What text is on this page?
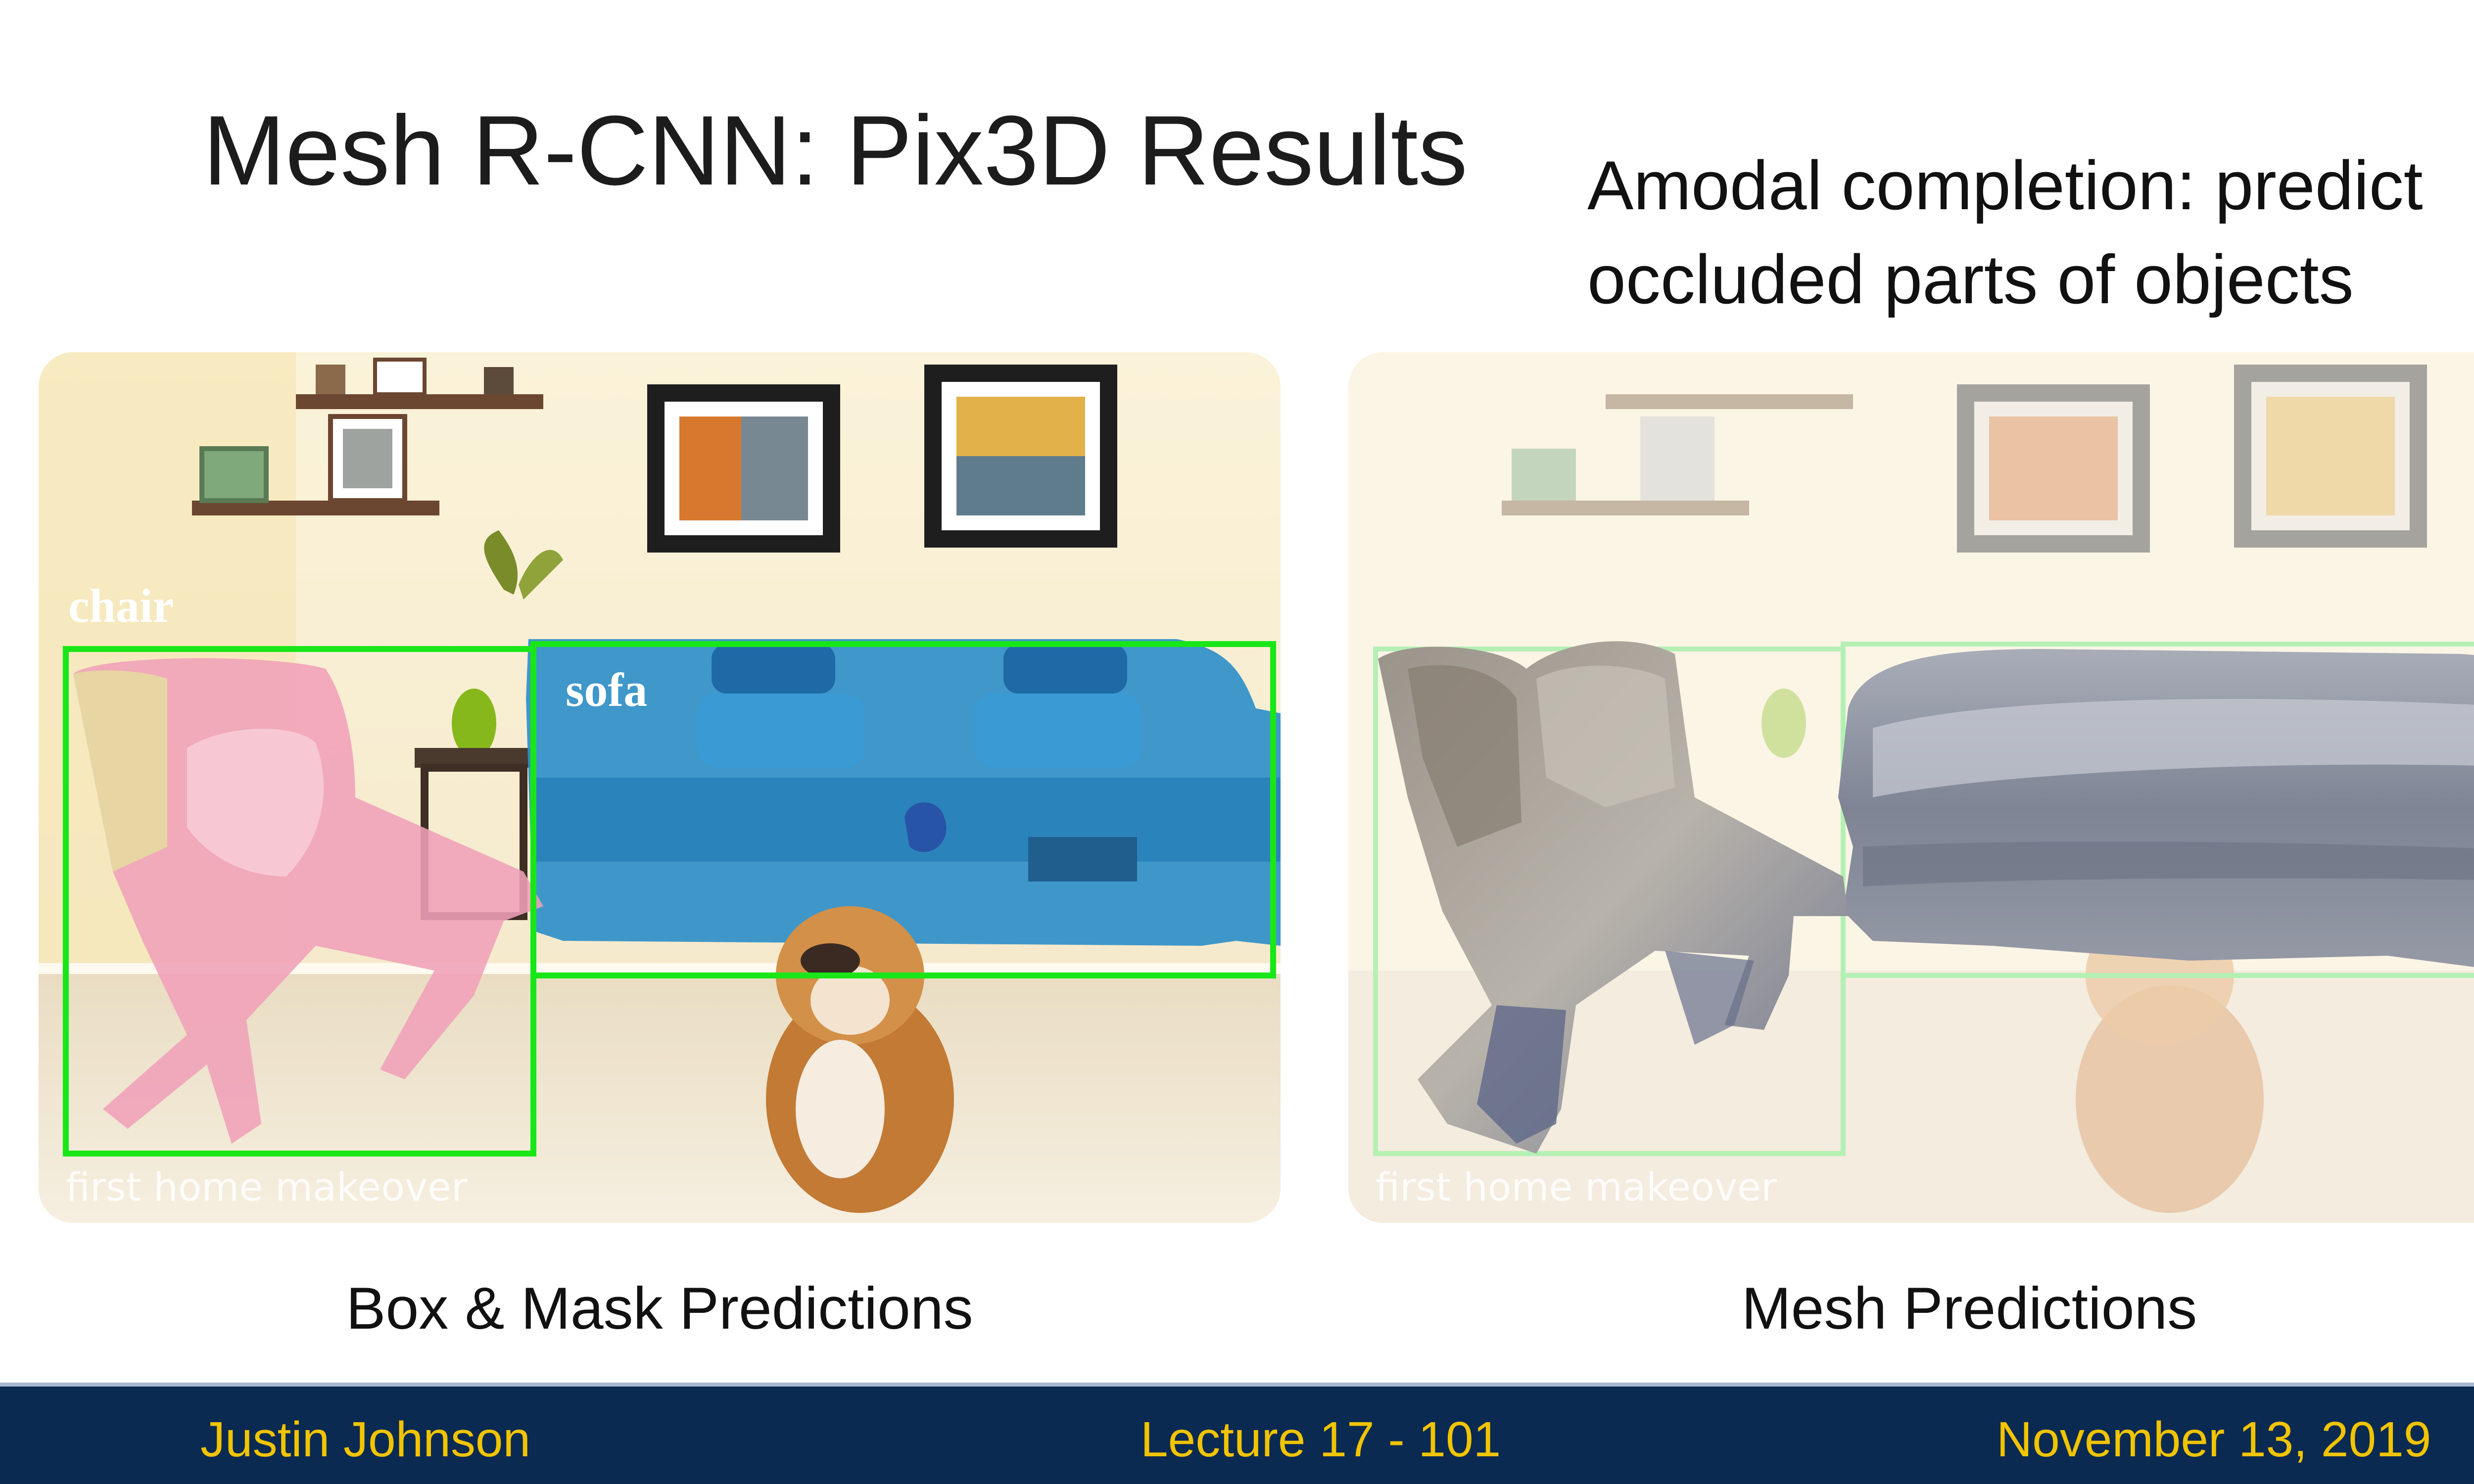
Mesh R-CNN: Pix3D Results	Amodal completion: predict
occluded parts of objects
chair
sofa
first home makeover	first home makeover
Box & Mask Predictions	Mesh Predictions
Justin Johnson	Lecture 17 - 101	November 13, 2019
